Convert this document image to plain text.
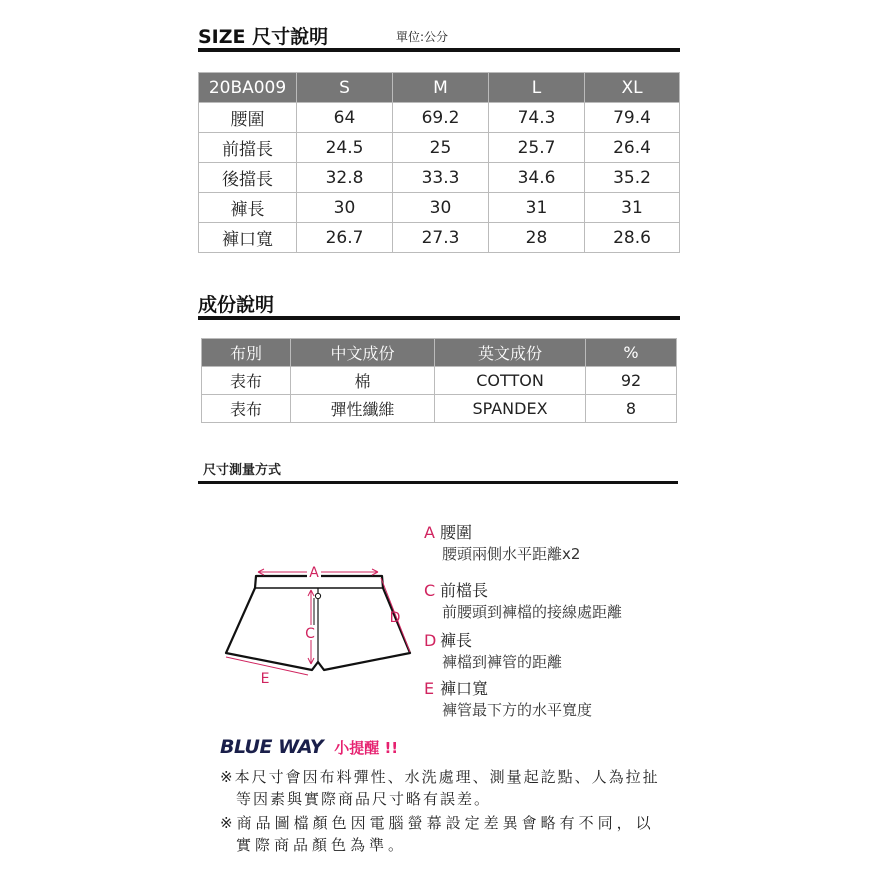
SIZE 尺寸說明	單位:公分
20BA009	S	M	L	XL
腰圍	64	69.2	74.3	79.4
前擋長	24.5	25	25.7	26.4
後擋長	32.8	33.3	34.6	35.2
褲長	30	30	31	31
褲口寬	26.7	27.3	28	28.6
成份說明
布別	中文成份	英文成份	%
表布	棉	COTTON	92
表布	彈性纖維	SPANDEX	8
尺寸測量方式
A
C
D
E
A 腰圍
腰頭兩側水平距離x2
C 前檔長
前腰頭到褲檔的接線處距離
D 褲長
褲檔到褲管的距離
E 褲口寬
褲管最下方的水平寬度
BLUE WAY 小提醒 !!
※本尺寸會因布料彈性、水洗處理、測量起訖點、人為拉扯
等因素與實際商品尺寸略有誤差。
※商品圖檔顏色因電腦螢幕設定差異會略有不同，以
實際商品顏色為準。
